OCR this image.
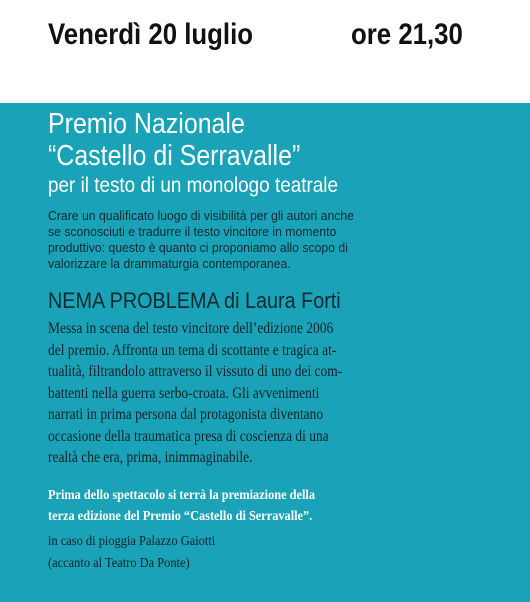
Venerdì 20 luglio	ore 21,30
Premio Nazionale
“Castello di Serravalle”
per il testo di un monologo teatrale
Crare un qualificato luogo di visibilità per gli autori anche
se sconosciuti e tradurre il testo vincitore in momento
produttivo: questo è quanto ci proponiamo allo scopo di
valorizzare la drammaturgia contemporanea.
NEMA PROBLEMA di Laura Forti
Messa in scena del testo vincitore dell’edizione 2006
del premio. Affronta un tema di scottante e tragica at-
tualità, filtrandolo attraverso il vissuto di uno dei com-
battenti nella guerra serbo-croata. Gli avvenimenti
narrati in prima persona dal protagonista diventano
occasione della traumatica presa di coscienza di una
realtà che era, prima, inimmaginabile.
Prima dello spettacolo si terrà la premiazione della
terza edizione del Premio “Castello di Serravalle”.
in caso di pioggia Palazzo Gaiotti
(accanto al Teatro Da Ponte)
